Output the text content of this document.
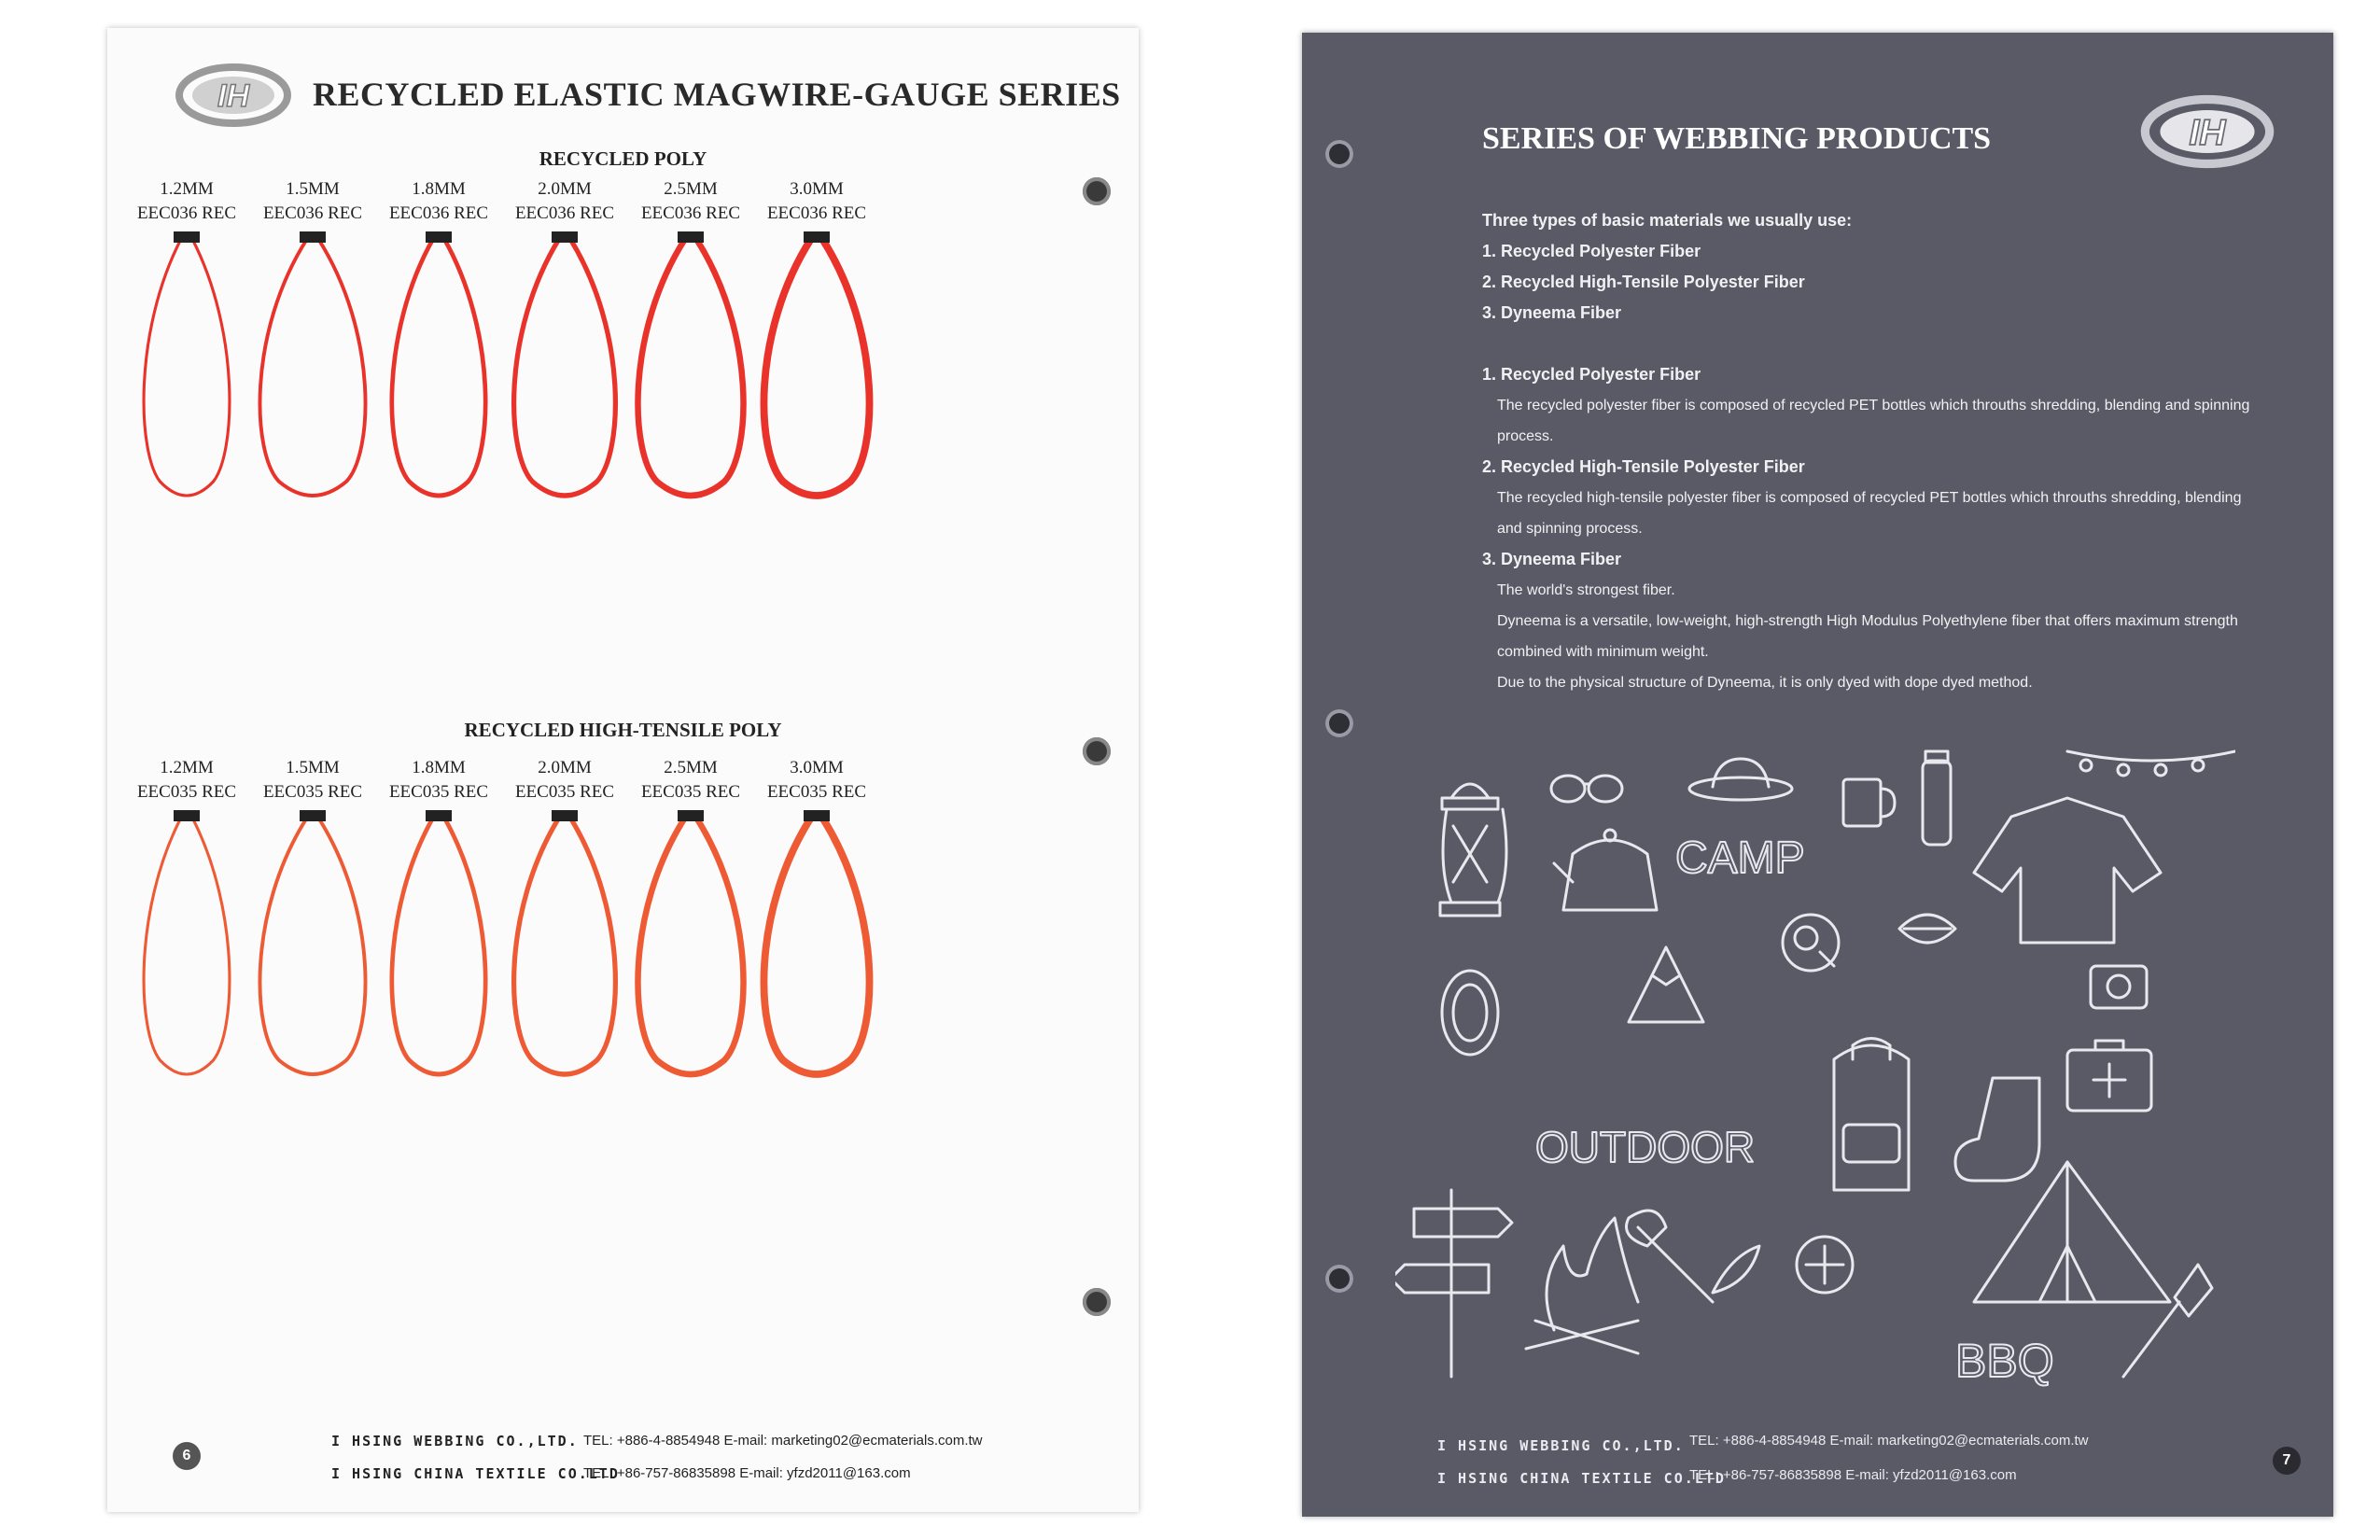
IH RECYCLED ELASTIC MAGWIRE-GAUGE SERIES
RECYCLED POLY
1.2MM
EEC036 REC
1.5MM
EEC036 REC
1.8MM
EEC036 REC
2.0MM
EEC036 REC
2.5MM
EEC036 REC
3.0MM
EEC036 REC
RECYCLED HIGH-TENSILE POLY
1.2MM
EEC035 REC
1.5MM
EEC035 REC
1.8MM
EEC035 REC
2.0MM
EEC035 REC
2.5MM
EEC035 REC
3.0MM
EEC035 REC
6
I HSING WEBBING CO.,LTD.
I HSING CHINA TEXTILE CO.LTD
TEL: +886-4-8854948 E-mail: marketing02@ecmaterials.com.tw
TEL: +86-757-86835898 E-mail: yfzd2011@163.com
SERIES OF WEBBING PRODUCTS	IH
Three types of basic materials we usually use:
1. Recycled Polyester Fiber
2. Recycled High-Tensile Polyester Fiber
3. Dyneema Fiber
1. Recycled Polyester Fiber
The recycled polyester fiber is composed of recycled PET bottles which throuths shredding, blending and spinning
process.
2. Recycled High-Tensile Polyester Fiber
The recycled high-tensile polyester fiber is composed of recycled PET bottles which throuths shredding, blending
and spinning process.
3. Dyneema Fiber
The world's strongest fiber.
Dyneema is a versatile, low-weight, high-strength High Modulus Polyethylene fiber that offers maximum strength
combined with minimum weight.
Due to the physical structure of Dyneema, it is only dyed with dope dyed method.
CAMP
OUTDOOR
BBQ
I HSING WEBBING CO.,LTD.
I HSING CHINA TEXTILE CO.LTD
TEL: +886-4-8854948 E-mail: marketing02@ecmaterials.com.tw
TEL: +86-757-86835898 E-mail: yfzd2011@163.com
7
